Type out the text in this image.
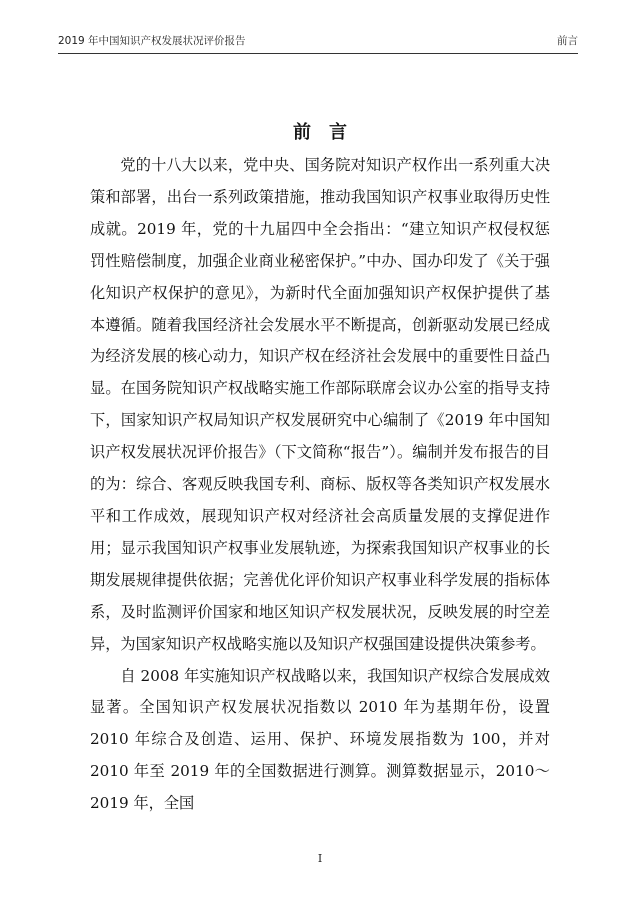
2019 年中国知识产权发展状况评价报告	前言
前言

党的十八大以来，党中央、国务院对知识产权作出一系列重大决策和部署，出台一系列政策措施，推动我国知识产权事业取得历史性成就。2019 年，党的十九届四中全会指出：“建立知识产权侵权惩罚性赔偿制度，加强企业商业秘密保护。”中办、国办印发了《关于强化知识产权保护的意见》，为新时代全面加强知识产权保护提供了基本遵循。随着我国经济社会发展水平不断提高，创新驱动发展已经成为经济发展的核心动力，知识产权在经济社会发展中的重要性日益凸显。在国务院知识产权战略实施工作部际联席会议办公室的指导支持下，国家知识产权局知识产权发展研究中心编制了《2019 年中国知识产权发展状况评价报告》（下文简称“报告”）。编制并发布报告的目的为：综合、客观反映我国专利、商标、版权等各类知识产权发展水平和工作成效，展现知识产权对经济社会高质量发展的支撑促进作用；显示我国知识产权事业发展轨迹，为探索我国知识产权事业的长期发展规律提供依据；完善优化评价知识产权事业科学发展的指标体系，及时监测评价国家和地区知识产权发展状况，反映发展的时空差异，为国家知识产权战略实施以及知识产权强国建设提供决策参考。

自 2008 年实施知识产权战略以来，我国知识产权综合发展成效显著。全国知识产权发展状况指数以 2010 年为基期年份，设置 2010 年综合及创造、运用、保护、环境发展指数为 100，并对 2010 年至 2019 年的全国数据进行测算。测算数据显示，2010～2019 年，全国

I
